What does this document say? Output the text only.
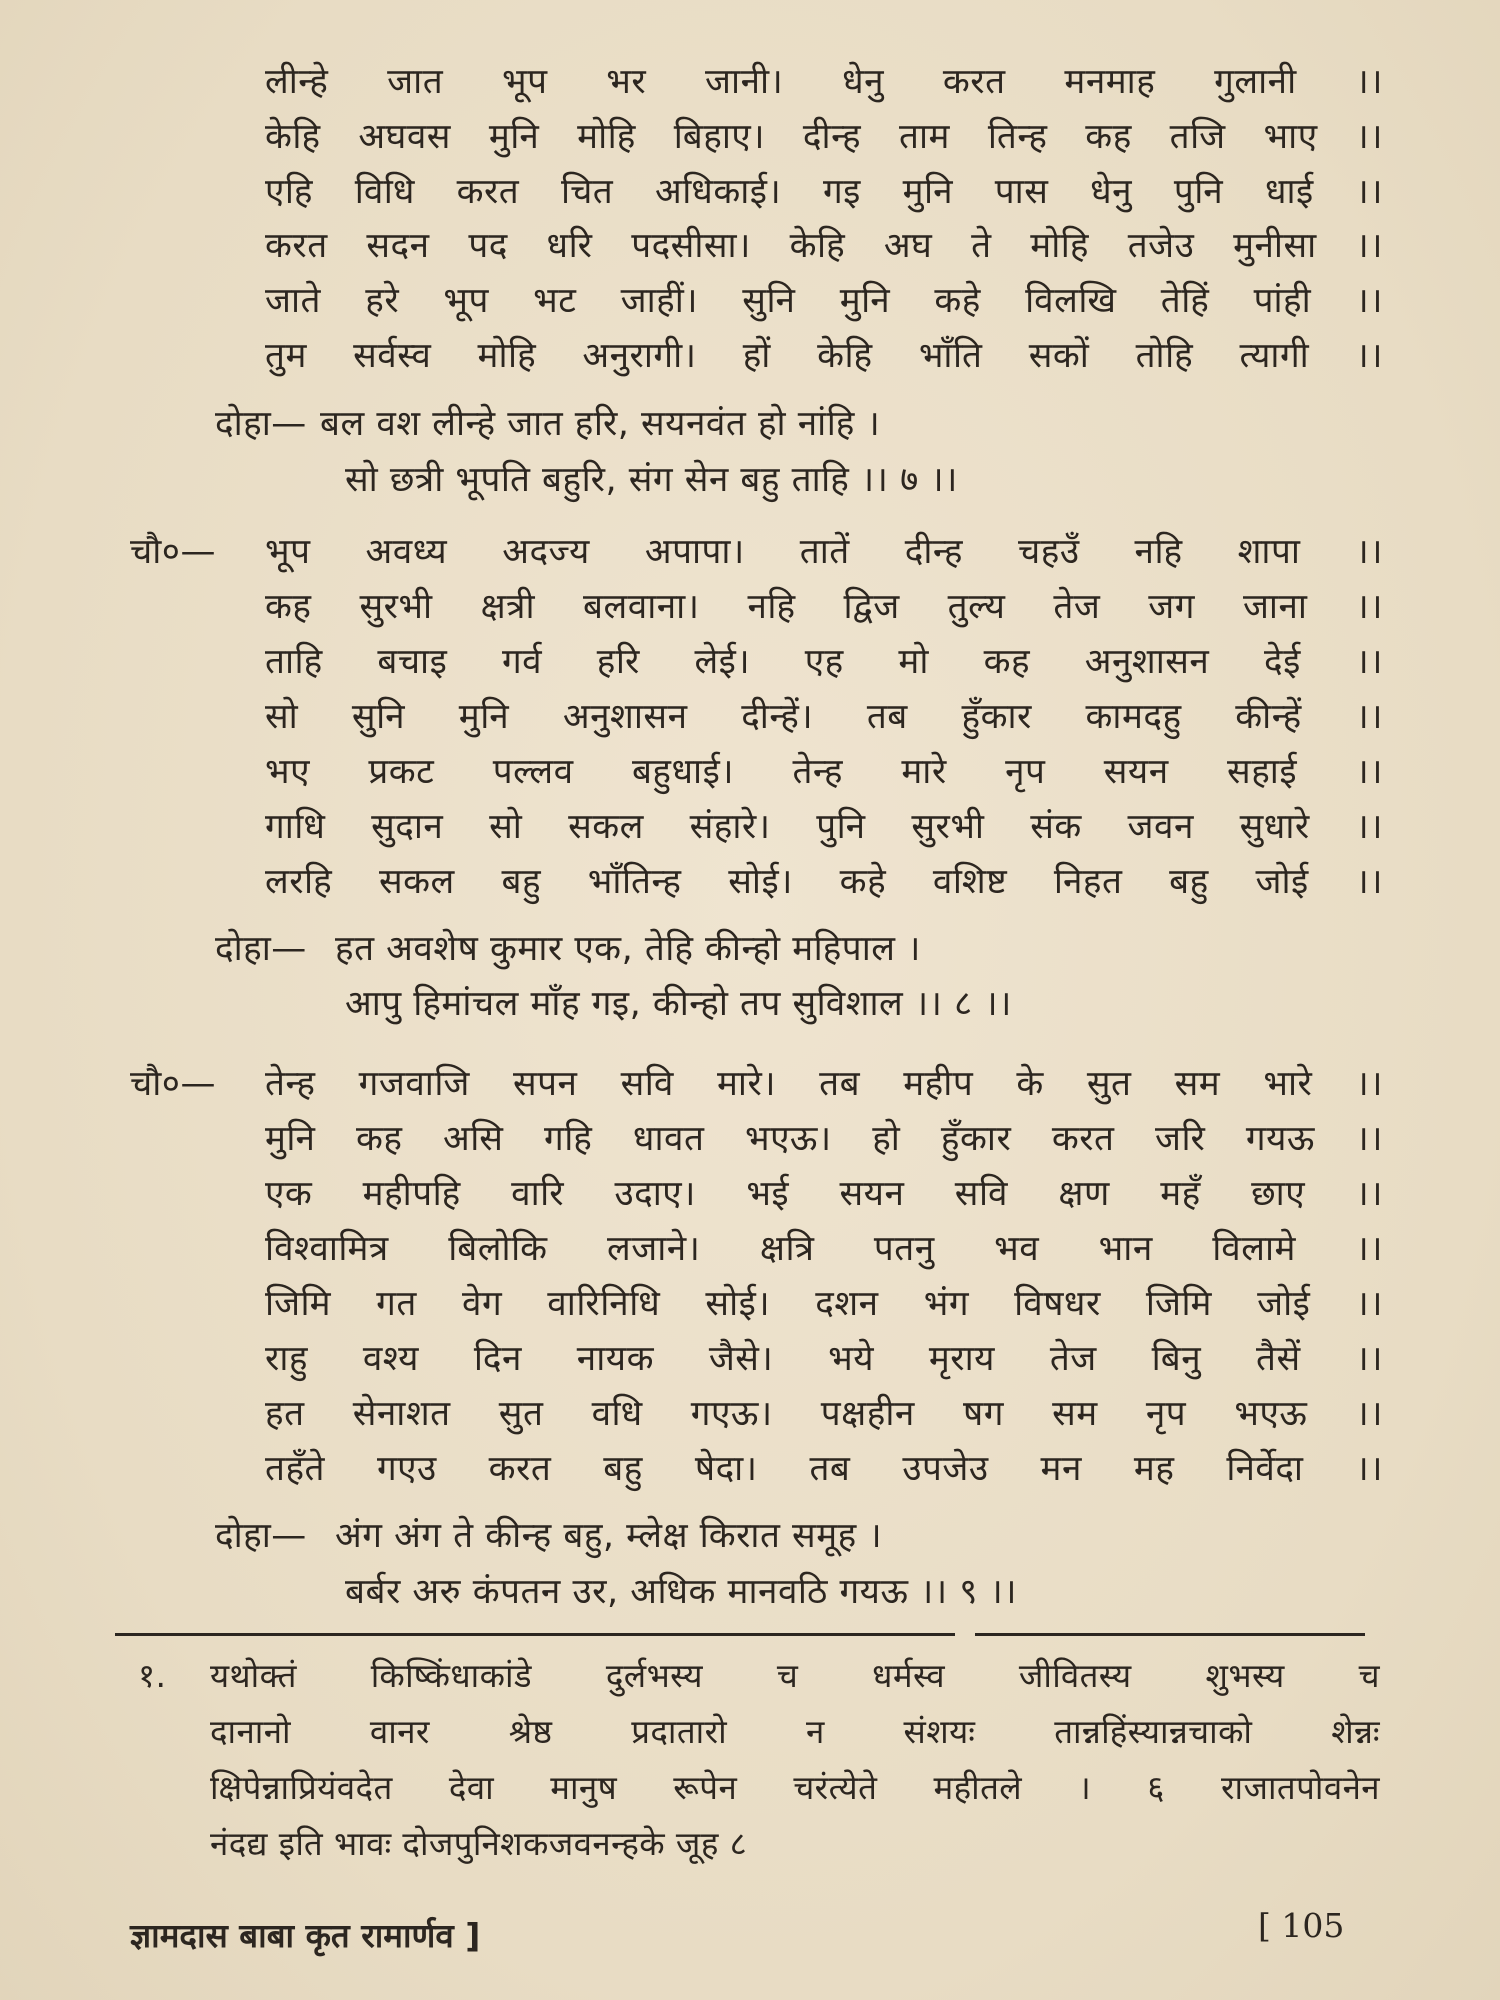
लीन्हे जात भूप भर जानी। धेनु करत मनमाह गुलानी ।।
केहि अघवस मुनि मोहि बिहाए। दीन्ह ताम तिन्ह कह तजि भाए ।।
एहि विधि करत चित अधिकाई। गइ मुनि पास धेनु पुनि धाई ।।
करत सदन पद धरि पदसीसा। केहि अघ ते मोहि तजेउ मुनीसा ।।
जाते हरे भूप भट जाहीं। सुनि मुनि कहे विलखि तेहिं पांही ।।
तुम सर्वस्व मोहि अनुरागी। हों केहि भाँति सकों तोहि त्यागी ।।
दोहा— बल वश लीन्हे जात हरि, सयनवंत हो नांहि ।
सो छत्री भूपति बहुरि, संग सेन बहु ताहि ।। ७ ।।
चौ०— भूप अवध्य अदज्य अपापा। तातें दीन्ह चहउँ नहि शापा ।।
कह सुरभी क्षत्री बलवाना। नहि द्विज तुल्य तेज जग जाना ।।
ताहि बचाइ गर्व हरि लेई। एह मो कह अनुशासन देई ।।
सो सुनि मुनि अनुशासन दीन्हें। तब हुँकार कामदहु कीन्हें ।।
भए प्रकट पल्लव बहुधाई। तेन्ह मारे नृप सयन सहाई ।।
गाधि सुदान सो सकल संहारे। पुनि सुरभी संक जवन सुधारे ।।
लरहि सकल बहु भाँतिन्ह सोई। कहे वशिष्ट निहत बहु जोई ।।
दोहा— हत अवशेष कुमार एक, तेहि कीन्हो महिपाल ।
आपु हिमांचल माँह गइ, कीन्हो तप सुविशाल ।। ८ ।।
चौ०— तेन्ह गजवाजि सपन सवि मारे। तब महीप के सुत सम भारे ।।
मुनि कह असि गहि धावत भएऊ। हो हुँकार करत जरि गयऊ ।।
एक महीपहि वारि उदाए। भई सयन सवि क्षण महँ छाए ।।
विश्वामित्र बिलोकि लजाने। क्षत्रि पतनु भव भान विलामे ।।
जिमि गत वेग वारिनिधि सोई। दशन भंग विषधर जिमि जोई ।।
राहु वश्य दिन नायक जैसे। भये मृराय तेज बिनु तैसें ।।
हत सेनाशत सुत वधि गएऊ। पक्षहीन षग सम नृप भएऊ ।।
तहँते गएउ करत बहु षेदा। तब उपजेउ मन मह निर्वेदा ।।
दोहा— अंग अंग ते कीन्ह बहु, म्लेक्ष किरात समूह ।
बर्बर अरु कंपतन उर, अधिक मानवठि गयऊ ।। ९ ।।
१. यथोक्तं किष्किंधाकांडे दुर्लभस्य च धर्मस्व जीवितस्य शुभस्य च
दानानो वानर श्रेष्ठ प्रदातारो न संशयः तान्नहिंस्यान्नचाको शेन्नः
क्षिपेन्नाप्रियंवदेत देवा मानुष रूपेन चरंत्येते महीतले । ६ राजातपोवनेन
नंदद्य इति भावः दोजपुनिशकजवनन्हके जूह ८
ज्ञामदास बाबा कृत रामार्णव ]	[ 105
